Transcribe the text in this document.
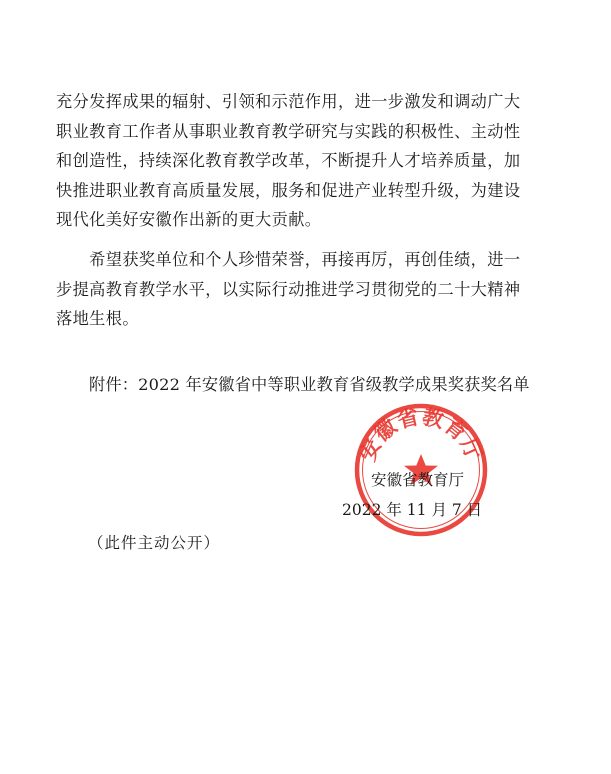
充分发挥成果的辐射、引领和示范作用，进一步激发和调动广大
职业教育工作者从事职业教育教学研究与实践的积极性、主动性
和创造性，持续深化教育教学改革，不断提升人才培养质量，加
快推进职业教育高质量发展，服务和促进产业转型升级，为建设
现代化美好安徽作出新的更大贡献。

　　希望获奖单位和个人珍惜荣誉，再接再厉，再创佳绩，进一
步提高教育教学水平，以实际行动推进学习贯彻党的二十大精神
落地生根。

附件：2022 年安徽省中等职业教育省级教学成果奖获奖名单
安徽省教育厅
安徽省教育厅
2022 年 11 月 7 日
（此件主动公开）
